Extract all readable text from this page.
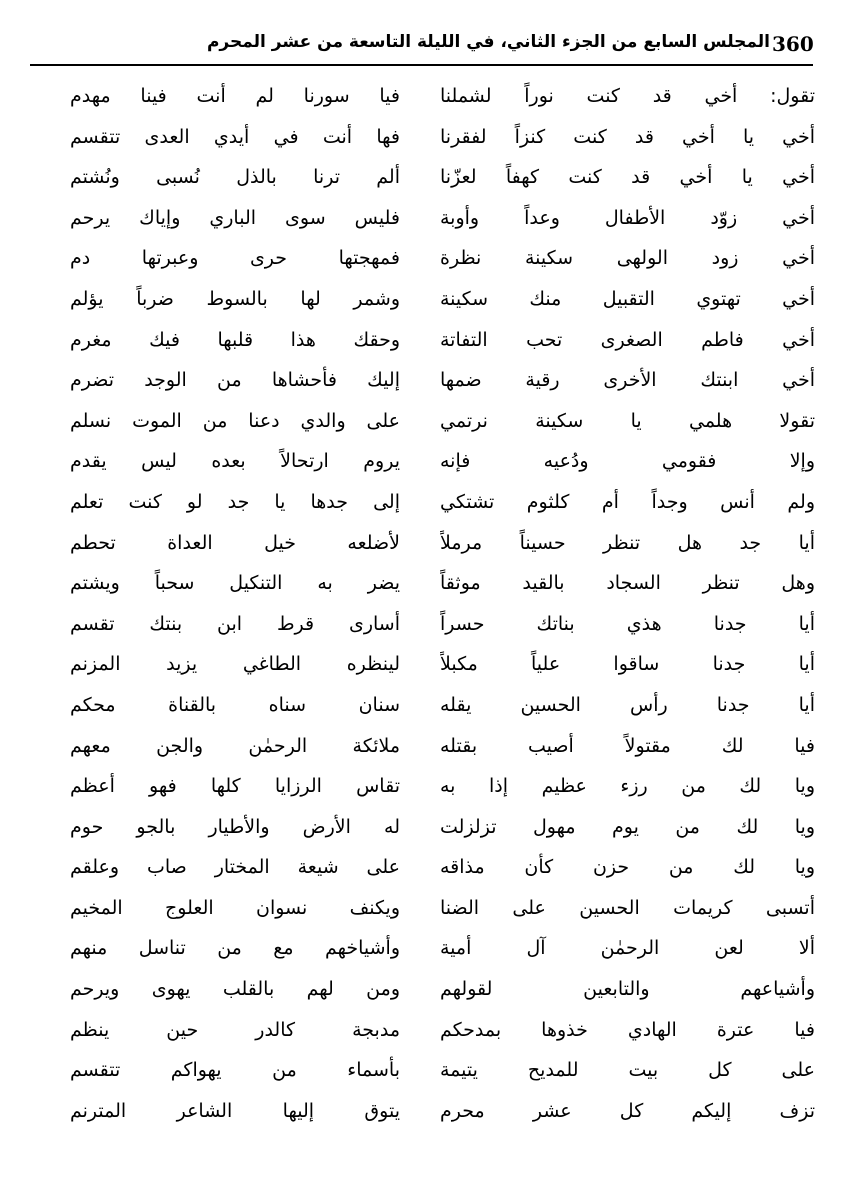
360
المجلس السابع من الجزء الثاني، في الليلة التاسعة من عشر المحرم
تقول: أخي قد كنت نوراً لشملنا
أخي يا أخي قد كنت كنزاً لفقرنا
أخي يا أخي قد كنت كهفاً لعزّنا
أخي زوّد الأطفال وعداً وأوبة
أخي زود الولهى سكينة نظرة
أخي تهتوي التقبيل منك سكينة
أخي فاطم الصغرى تحب التفاتة
أخي ابنتك الأخرى رقية ضمها
تقولا هلمي يا سكينة نرتمي
وإلا فقومي ودُعيه فإنه
ولم أنس وجداً أم كلثوم تشتكي
أيا جد هل تنظر حسيناً مرملاً
وهل تنظر السجاد بالقيد موثقاً
أيا جدنا هذي بناتك حسراً
أيا جدنا ساقوا علياً مكبلاً
أيا جدنا رأس الحسين يقله
فيا لك مقتولاً أصيب بقتله
ويا لك من رزء عظيم إذا به
ويا لك من يوم مهول تزلزلت
ويا لك من حزن كأن مذاقه
أتسبى كريمات الحسين على الضنا
ألا لعن الرحمٰن آل أمية
وأشياعهم والتابعين لقولهم
فيا عترة الهادي خذوها بمدحكم
على كل بيت للمديح يتيمة
تزف إليكم كل عشر محرم
فيا سورنا لم أنت فينا مهدم
فها أنت في أيدي العدى تتقسم
ألم ترنا بالذل نُسبى ونُشتم
فليس سوى الباري وإياك يرحم
فمهجتها حرى وعبرتها دم
وشمر لها بالسوط ضرباً يؤلم
وحقك هذا قلبها فيك مغرم
إليك فأحشاها من الوجد تضرم
على والدي دعنا من الموت نسلم
يروم ارتحالاً بعده ليس يقدم
إلى جدها يا جد لو كنت تعلم
لأضلعه خيل العداة تحطم
يضر به التنكيل سحباً ويشتم
أسارى قرط ابن بنتك تقسم
لينظره الطاغي يزيد المزنم
سنان سناه بالقناة محكم
ملائكة الرحمٰن والجن معهم
تقاس الرزايا كلها فهو أعظم
له الأرض والأطيار بالجو حوم
على شيعة المختار صاب وعلقم
ويكنف نسوان العلوج المخيم
وأشياخهم مع من تناسل منهم
ومن لهم بالقلب يهوى ويرحم
مدبجة كالدر حين ينظم
بأسماء من يهواكم تتقسم
يتوق إليها الشاعر المترنم
